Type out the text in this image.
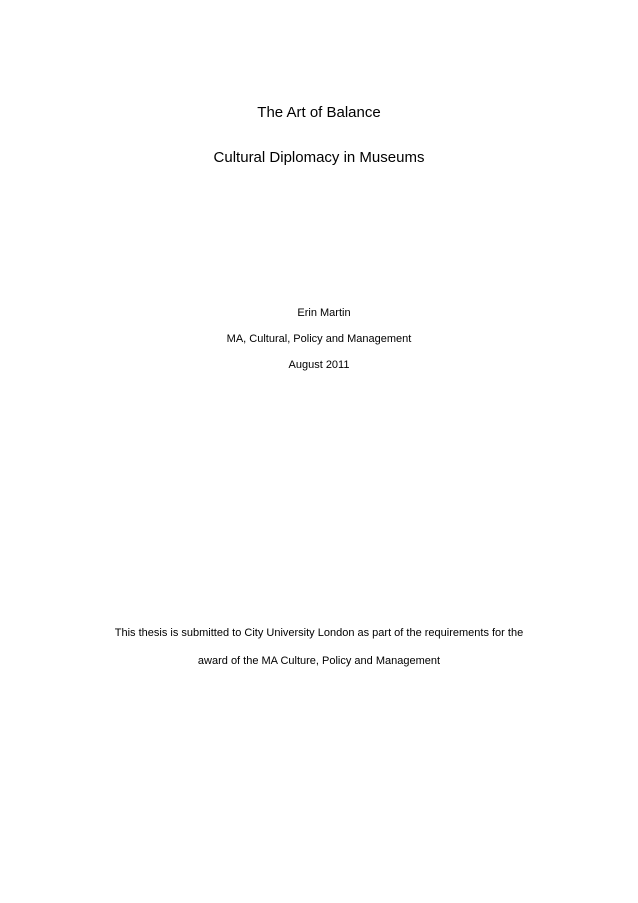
The Art of Balance
Cultural Diplomacy in Museums
Erin Martin
MA, Cultural, Policy and Management
August 2011
This thesis is submitted to City University London as part of the requirements for the
award of the MA Culture, Policy and Management
